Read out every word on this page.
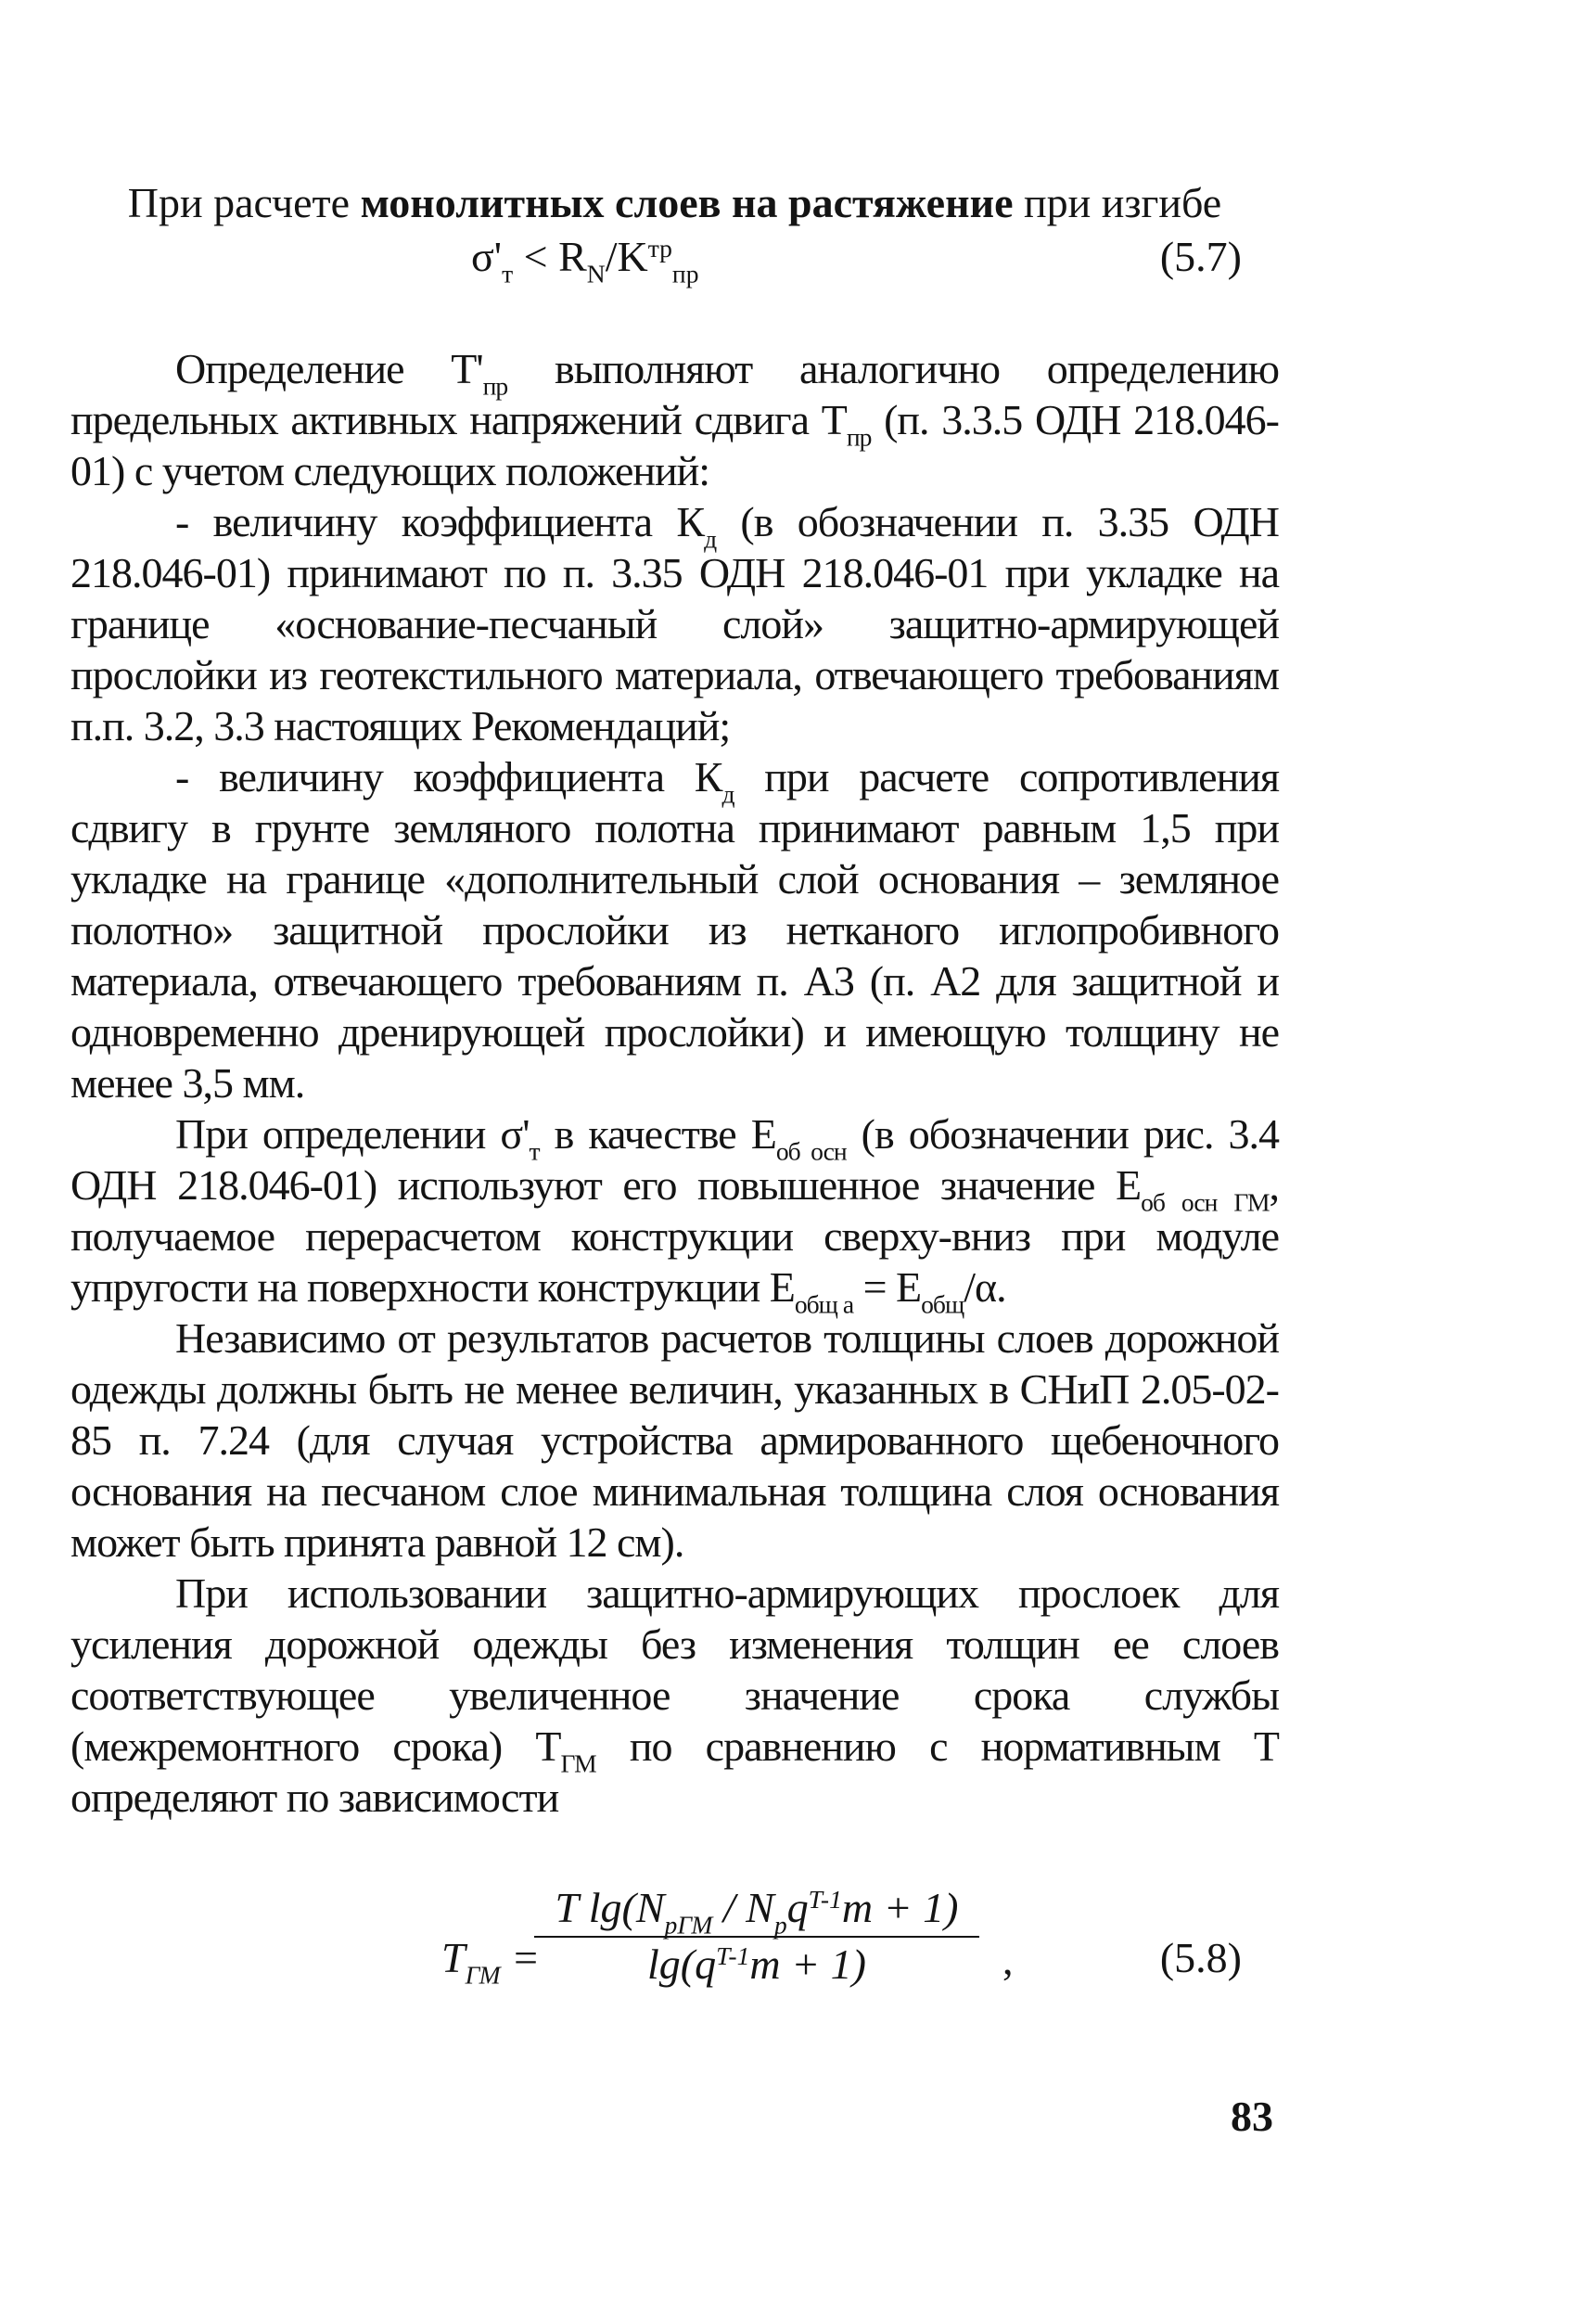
При расчете монолитных слоев на растяжение при изгибе
$\sigma'_т < R_N/K^{тр}_{пр}$	(5.7)

Определение $Т'_{пр}$ выполняют аналогично определению предельных активных напряжений сдвига $Т_{пр}$ (п. 3.3.5 ОДН 218.046-01) с учетом следующих положений:

- величину коэффициента $К_д$ (в обозначении п. 3.35 ОДН 218.046-01) принимают по п. 3.35 ОДН 218.046-01 при укладке на границе «основание-песчаный слой» защитно-армирующей прослойки из геотекстильного материала, отвечающего требованиям п.п. 3.2, 3.3 настоящих Рекомендаций;

- величину коэффициента $К_д$ при расчете сопротивления сдвигу в грунте земляного полотна принимают равным 1,5 при укладке на границе «дополнительный слой основания – земляное полотно» защитной прослойки из нетканого иглопробивного материала, отвечающего требованиям п. А3 (п. А2 для защитной и одновременно дренирующей прослойки) и имеющую толщину не менее 3,5 мм.

При определении $\sigma'_т$ в качестве $Е_{об осн}$ (в обозначении рис. 3.4 ОДН 218.046-01) используют его повышенное значение $Е_{об осн ГМ}$, получаемое перерасчетом конструкции сверху-вниз при модуле упругости на поверхности конструкции $Е_{общ а} = Е_{общ}/\alpha$.

Независимо от результатов расчетов толщины слоев дорожной одежды должны быть не менее величин, указанных в СНиП 2.05-02-85 п. 7.24 (для случая устройства армированного щебеночного основания на песчаном слое минимальная толщина слоя основания может быть принята равной 12 см).

При использовании защитно-армирующих прослоек для усиления дорожной одежды без изменения толщин ее слоев соответствующее увеличенное значение срока службы (межремонтного срока) $Т_{ГМ}$ по сравнению с нормативным Т определяют по зависимости

$T_{ГМ}$ =
T $\lg(N_{pГМ} / N_pq^{T-1}m + 1)$
$\lg(q^{T-1}m + 1)$	,	(5.8)
83
